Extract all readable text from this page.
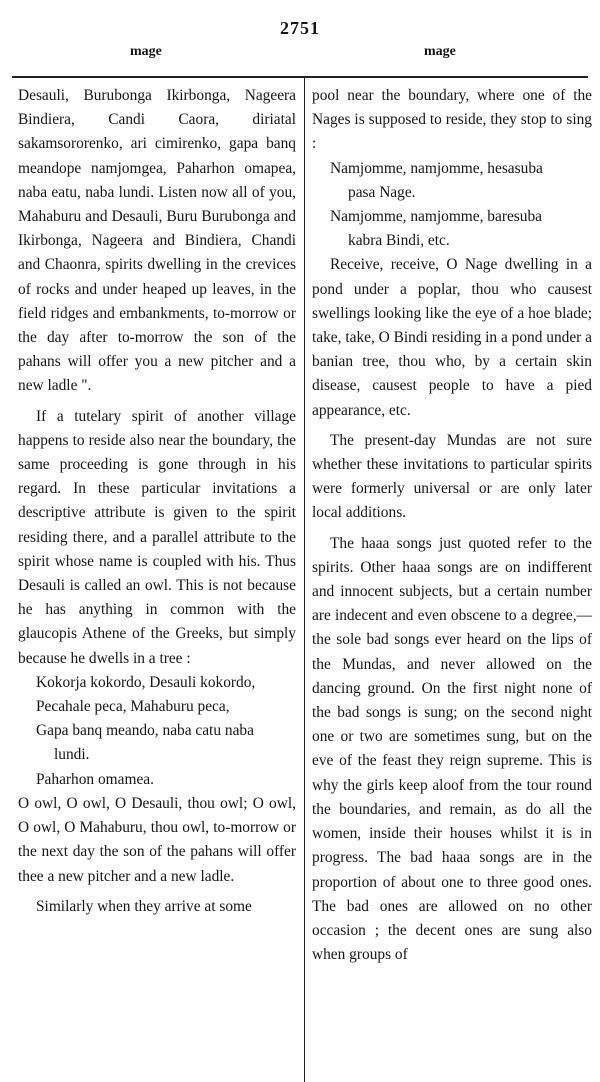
2751
mage	mage

Desauli, Burubonga Ikirbonga, Nageera Bindiera, Candi Caora, diriatal sakamsororenko, ari cimirenko, gapa banq meandope namjomgea, Paharhon omapea, naba eatu, naba lundi. Listen now all of you, Mahaburu and Desauli, Buru Burubonga and Ikirbonga, Nageera and Bindiera, Chandi and Chaonra, spirits dwelling in the crevices of rocks and under heaped up leaves, in the field ridges and embankments, to-morrow or the day after to-morrow the son of the pahans will offer you a new pitcher and a new ladle ".

If a tutelary spirit of another village happens to reside also near the boundary, the same proceeding is gone through in his regard. In these particular invitations a descriptive attribute is given to the spirit residing there, and a parallel attribute to the spirit whose name is coupled with his. Thus Desauli is called an owl. This is not because he has anything in common with the glaucopis Athene of the Greeks, but simply because he dwells in a tree :

Kokorja kokordo, Desauli kokordo,

Pecahale peca, Mahaburu peca,

Gapa banq meando, naba catu naba

lundi.

Paharhon omamea.

O owl, O owl, O Desauli, thou owl; O owl, O owl, O Mahaburu, thou owl, to-morrow or the next day the son of the pahans will offer thee a new pitcher and a new ladle.

Similarly when they arrive at some

pool near the boundary, where one of the Nages is supposed to reside, they stop to sing :

Namjomme, namjomme, hesasuba

pasa Nage.

Namjomme, namjomme, baresuba

kabra Bindi, etc.

Receive, receive, O Nage dwelling in a pond under a poplar, thou who causest swellings looking like the eye of a hoe blade; take, take, O Bindi residing in a pond under a banian tree, thou who, by a certain skin disease, causest people to have a pied appearance, etc.

The present-day Mundas are not sure whether these invitations to particular spirits were formerly universal or are only later local additions.

The haaa songs just quoted refer to the spirits. Other haaa songs are on indifferent and innocent subjects, but a certain number are indecent and even obscene to a degree,—the sole bad songs ever heard on the lips of the Mundas, and never allowed on the dancing ground. On the first night none of the bad songs is sung; on the second night one or two are sometimes sung, but on the eve of the feast they reign supreme. This is why the girls keep aloof from the tour round the boundaries, and remain, as do all the women, inside their houses whilst it is in progress. The bad haaa songs are in the proportion of about one to three good ones. The bad ones are allowed on no other occasion ; the decent ones are sung also when groups of
